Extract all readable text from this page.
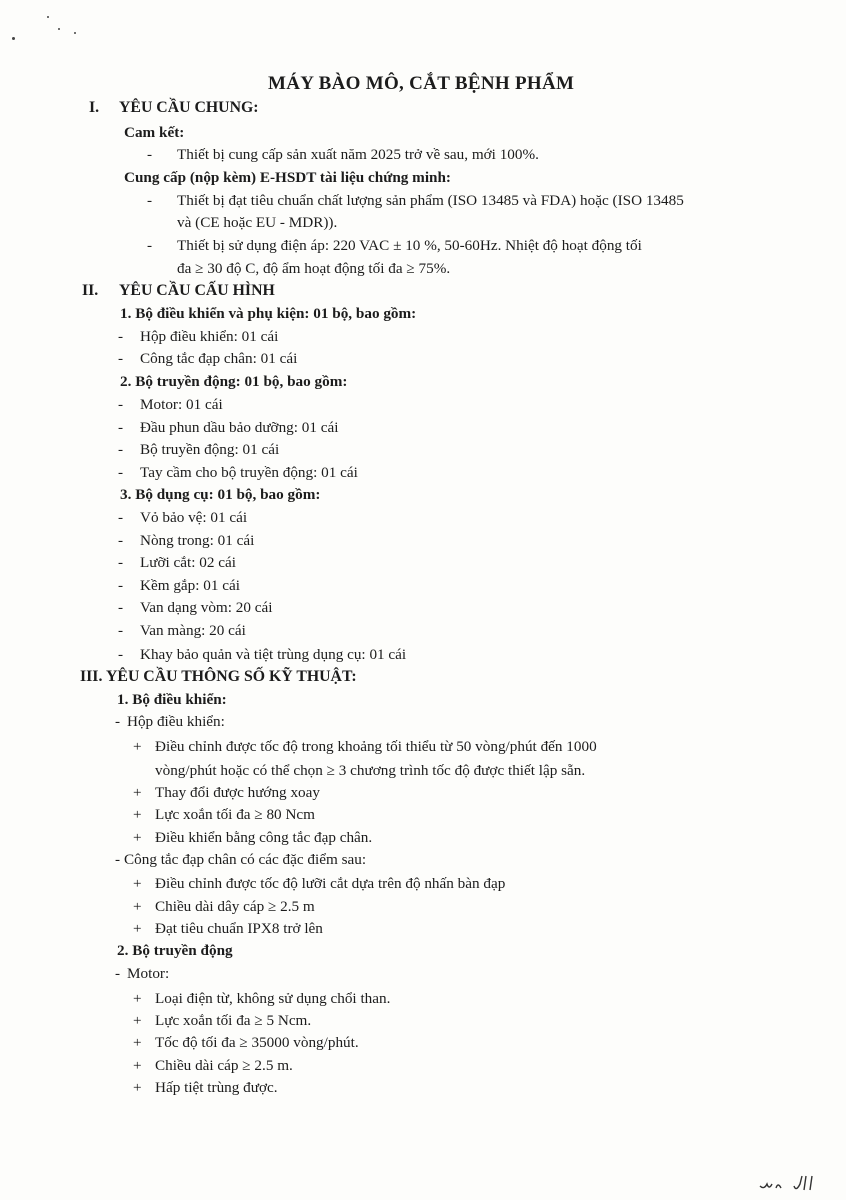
MÁY BÀO MÔ, CẮT BỆNH PHẨM
I. YÊU CẦU CHUNG:
Cam kết:
- Thiết bị cung cấp sản xuất năm 2025 trở về sau, mới 100%.
Cung cấp (nộp kèm) E-HSDT tài liệu chứng minh:
- Thiết bị đạt tiêu chuẩn chất lượng sản phẩm (ISO 13485 và FDA) hoặc (ISO 13485
và (CE hoặc EU - MDR)).
- Thiết bị sử dụng điện áp: 220 VAC ± 10 %, 50-60Hz. Nhiệt độ hoạt động tối
đa ≥ 30 độ C, độ ẩm hoạt động tối đa ≥ 75%.
II. YÊU CẦU CẤU HÌNH
1. Bộ điều khiển và phụ kiện: 01 bộ, bao gồm:
- Hộp điều khiển: 01 cái
- Công tắc đạp chân: 01 cái
2. Bộ truyền động: 01 bộ, bao gồm:
- Motor: 01 cái
- Đầu phun dầu bảo dưỡng: 01 cái
- Bộ truyền động: 01 cái
- Tay cầm cho bộ truyền động: 01 cái
3. Bộ dụng cụ: 01 bộ, bao gồm:
- Vỏ bảo vệ: 01 cái
- Nòng trong: 01 cái
- Lưỡi cắt: 02 cái
- Kềm gắp: 01 cái
- Van dạng vòm: 20 cái
- Van màng: 20 cái
- Khay bảo quản và tiệt trùng dụng cụ: 01 cái
III. YÊU CẦU THÔNG SỐ KỸ THUẬT:
1. Bộ điều khiển:
- Hộp điều khiển:
+ Điều chỉnh được tốc độ trong khoảng tối thiểu từ 50 vòng/phút đến 1000
vòng/phút hoặc có thể chọn ≥ 3 chương trình tốc độ được thiết lập sẵn.
+ Thay đổi được hướng xoay
+ Lực xoắn tối đa ≥ 80 Ncm
+ Điều khiển bằng công tắc đạp chân.
- Công tắc đạp chân có các đặc điểm sau:
+ Điều chỉnh được tốc độ lưỡi cắt dựa trên độ nhấn bàn đạp
+ Chiều dài dây cáp ≥ 2.5 m
+ Đạt tiêu chuẩn IPX8 trở lên
2. Bộ truyền động
- Motor:
+ Loại điện từ, không sử dụng chổi than.
+ Lực xoắn tối đa ≥ 5 Ncm.
+ Tốc độ tối đa ≥ 35000 vòng/phút.
+ Chiều dài cáp ≥ 2.5 m.
+ Hấp tiệt trùng được.
